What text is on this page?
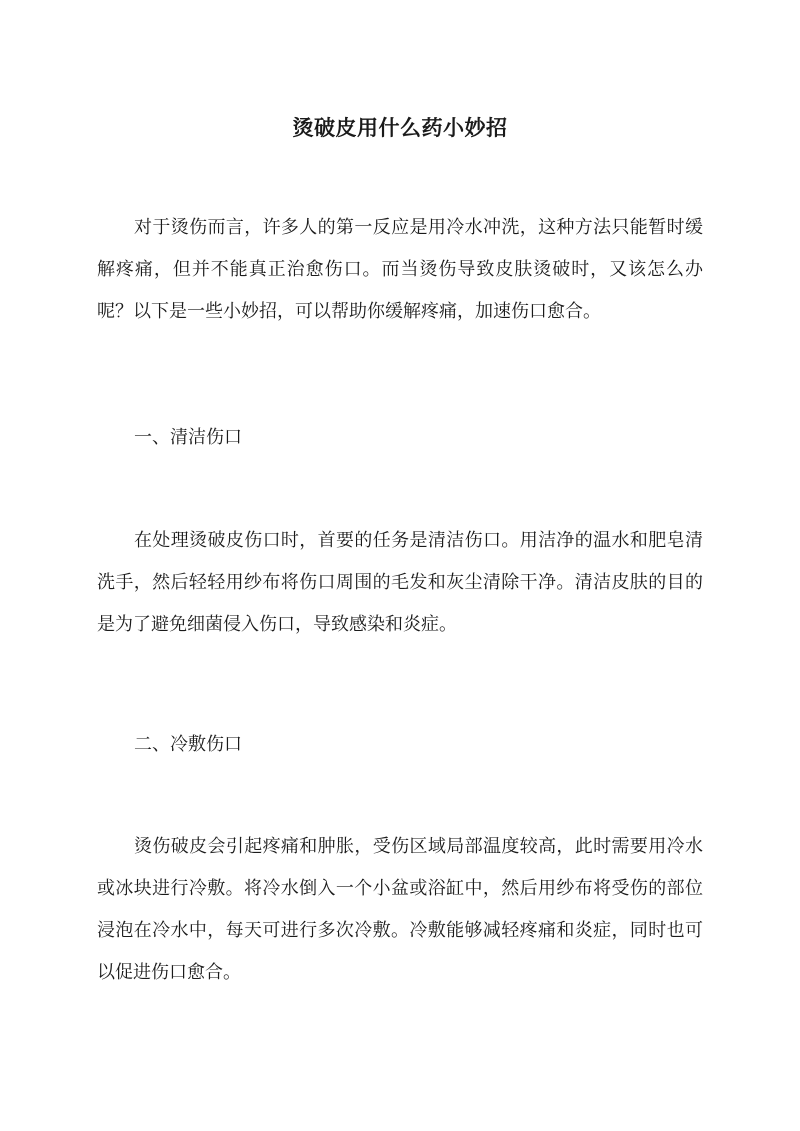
烫破皮用什么药小妙招

对于烫伤而言，许多人的第一反应是用冷水冲洗，这种方法只能暂时缓解疼痛，但并不能真正治愈伤口。而当烫伤导致皮肤烫破时，又该怎么办呢？以下是一些小妙招，可以帮助你缓解疼痛，加速伤口愈合。

一、清洁伤口

在处理烫破皮伤口时，首要的任务是清洁伤口。用洁净的温水和肥皂清洗手，然后轻轻用纱布将伤口周围的毛发和灰尘清除干净。清洁皮肤的目的是为了避免细菌侵入伤口，导致感染和炎症。

二、冷敷伤口

烫伤破皮会引起疼痛和肿胀，受伤区域局部温度较高，此时需要用冷水或冰块进行冷敷。将冷水倒入一个小盆或浴缸中，然后用纱布将受伤的部位浸泡在冷水中，每天可进行多次冷敷。冷敷能够减轻疼痛和炎症，同时也可以促进伤口愈合。
